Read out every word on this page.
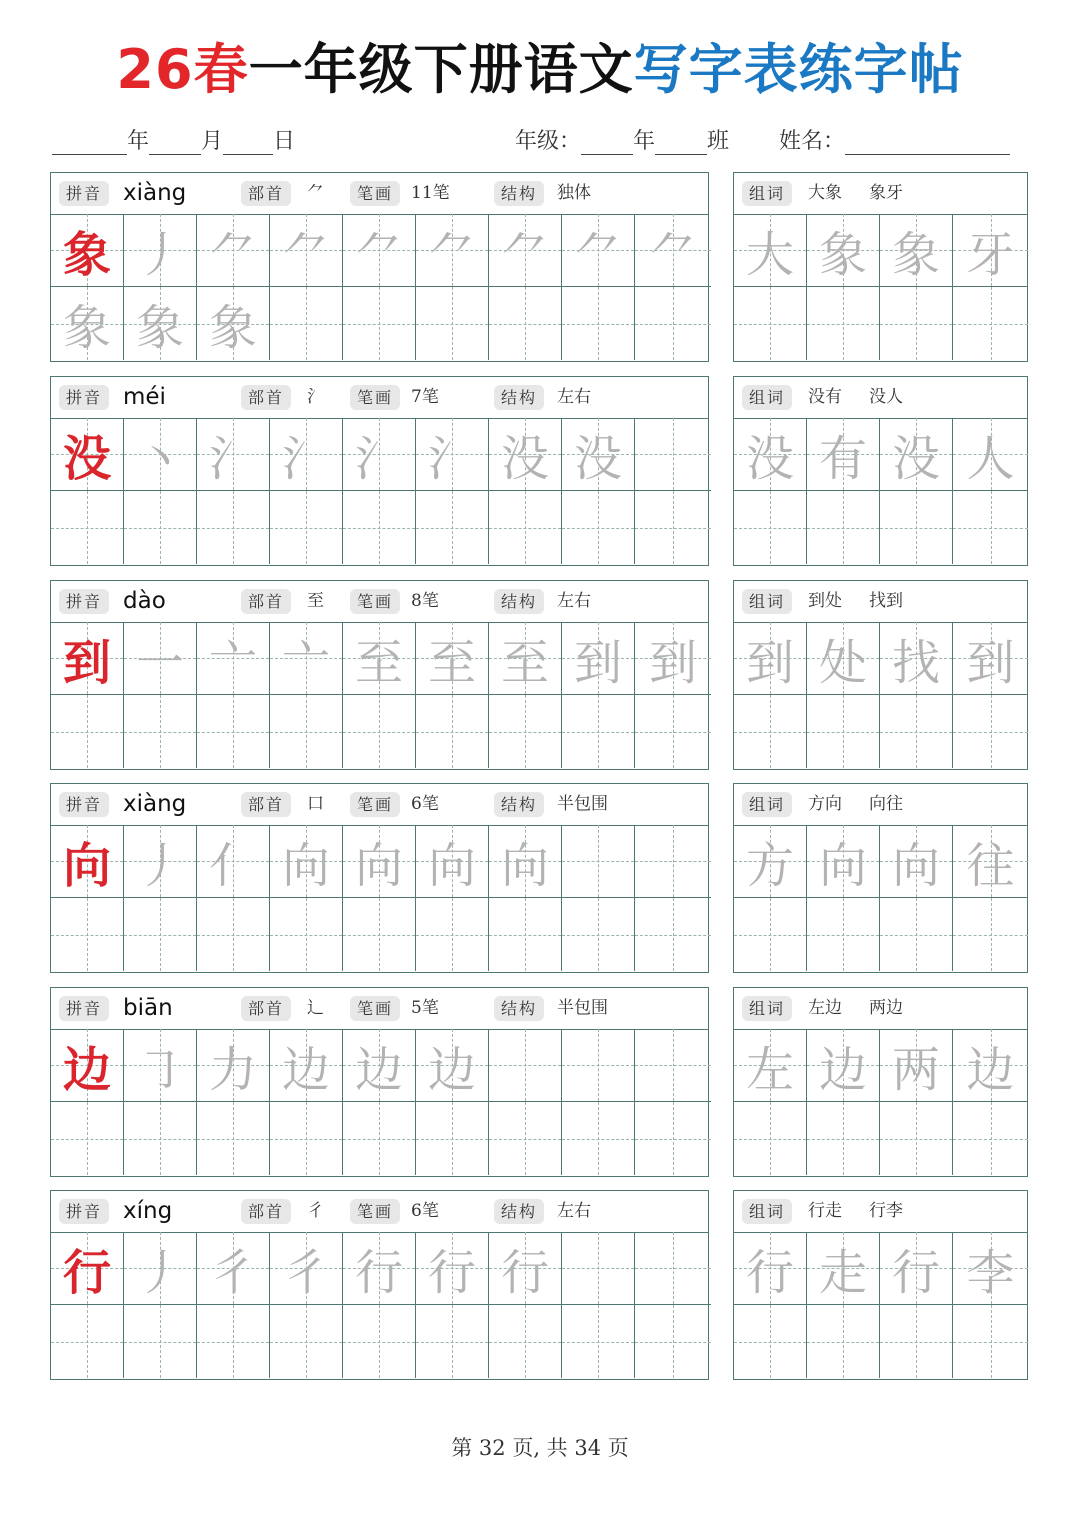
26春一年级下册语文写字表练字帖
年 月 日	年级： 年 班 姓名：
拼音 xiàng	部首	⺈	笔画	11笔	结构	独体
象 丿 ⺈ ⺈ ⺈ ⺈ ⺈ ⺈ ⺈
象 象 象
组词	大象 象牙
大 象 象 牙
拼音 méi	部首	氵	笔画	7笔	结构	左右
没 丶 氵 氵 氵 氵 没 没
组词	没有 没人
没 有 没 人
拼音 dào	部首	至	笔画	8笔	结构	左右
到 一 亠 亠 至 至 至 到 到
组词	到处 找到
到 处 找 到
拼音 xiàng	部首	口	笔画	6笔	结构	半包围
向 丿 亻 向 向 向 向
组词	方向 向往
方 向 向 往
拼音 biān	部首	辶	笔画	5笔	结构	半包围
边 ㇆ 力 边 边 边
组词	左边 两边
左 边 两 边
拼音 xíng	部首	彳	笔画	6笔	结构	左右
行 丿 彳 彳 行 行 行
组词	行走 行李
行 走 行 李
第 32 页, 共 34 页
